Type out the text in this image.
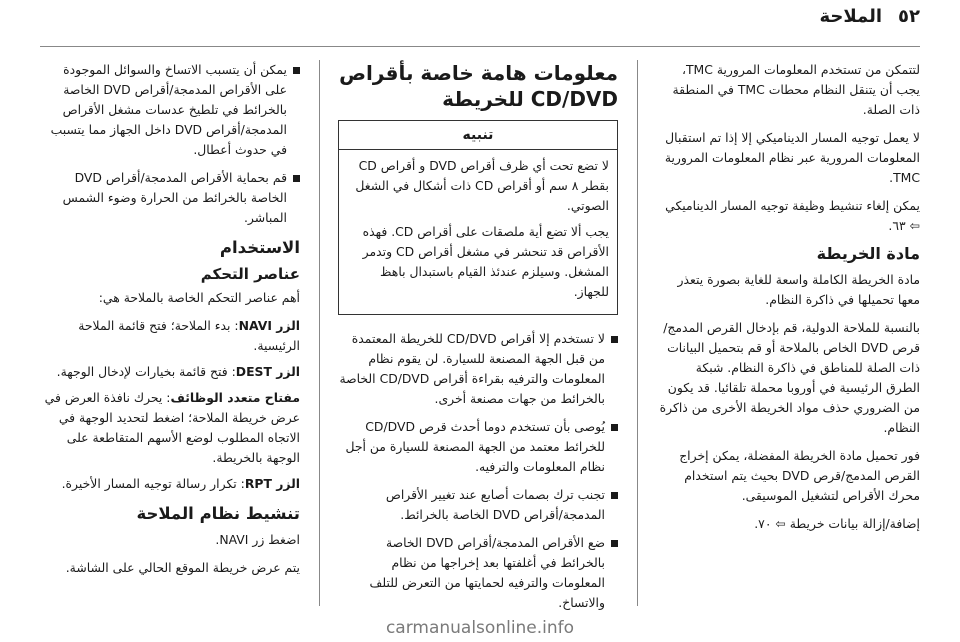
٥٢
الملاحة

لتتمكن من تستخدم المعلومات المرورية TMC، يجب أن يتنقل النظام محطات TMC في المنطقة ذات الصلة.

لا يعمل توجيه المسار الديناميكي إلا إذا تم استقبال المعلومات المرورية عبر نظام المعلومات المرورية TMC.

يمكن إلغاء تنشيط وظيفة توجيه المسار الديناميكي ⇦ ٦٣.

مادة الخريطة

مادة الخريطة الكاملة واسعة للغاية بصورة يتعذر معها تحميلها في ذاكرة النظام.

بالنسبة للملاحة الدولية، قم بإدخال القرص المدمج/ قرص DVD الخاص بالملاحة أو قم بتحميل البيانات ذات الصلة للمناطق في ذاكرة النظام. شبكة الطرق الرئيسية في أوروبا محملة تلقائيا. قد يكون من الضروري حذف مواد الخريطة الأخرى من ذاكرة النظام.

فور تحميل مادة الخريطة المفضلة، يمكن إخراج القرص المدمج/قرص DVD بحيث يتم استخدام محرك الأقراص لتشغيل الموسيقى.

إضافة/إزالة بيانات خريطة ⇦ ٧٠.

معلومات هامة خاصة بأقراص CD/DVD للخريطة
تنبيه

لا تضع تحت أي ظرف أقراص DVD و أقراص CD بقطر ٨ سم أو أقراص CD ذات أشكال في الشغل الصوتي.

يجب ألا تضع أية ملصقات على أقراص CD. فهذه الأقراص قد تنحشر في مشغل أقراص CD وتدمر المشغل. وسيلزم عندئذ القيام باستبدال باهظ للجهاز.

لا تستخدم إلا أقراص CD/DVD للخريطة المعتمدة من قبل الجهة المصنعة للسيارة. لن يقوم نظام المعلومات والترفيه بقراءة أقراص CD/DVD الخاصة بالخرائط من جهات مصنعة أخرى.
يُوصى بأن تستخدم دوما أحدث قرص CD/DVD للخرائط معتمد من الجهة المصنعة للسيارة من أجل نظام المعلومات والترفيه.
تجنب ترك بصمات أصابع عند تغيير الأقراص المدمجة/أقراص DVD الخاصة بالخرائط.
ضع الأقراص المدمجة/أقراص DVD الخاصة بالخرائط في أغلفتها بعد إخراجها من نظام المعلومات والترفيه لحمايتها من التعرض للتلف والاتساخ.
يمكن أن يتسبب الاتساخ والسوائل الموجودة على الأقراص المدمجة/أقراص DVD الخاصة بالخرائط في تلطيخ عدسات مشغل الأقراص المدمجة/أقراص DVD داخل الجهاز مما يتسبب في حدوث أعطال.
قم بحماية الأقراص المدمجة/أقراص DVD الخاصة بالخرائط من الحرارة وضوء الشمس المباشر.
الاستخدام
عناصر التحكم

أهم عناصر التحكم الخاصة بالملاحة هي:

الزر NAVI: بدء الملاحة؛ فتح قائمة الملاحة الرئيسية.
الزر DEST: فتح قائمة بخيارات لإدخال الوجهة.
مفتاح متعدد الوظائف: يحرك نافذة العرض في عرض خريطة الملاحة؛ اضغط لتحديد الوجهة في الاتجاه المطلوب لوضع الأسهم المتقاطعة على الوجهة بالخريطة.
الزر RPT: تكرار رسالة توجيه المسار الأخيرة.
تنشيط نظام الملاحة

اضغط زر NAVI.

يتم عرض خريطة الموقع الحالي على الشاشة.

carmanualsonline.info
